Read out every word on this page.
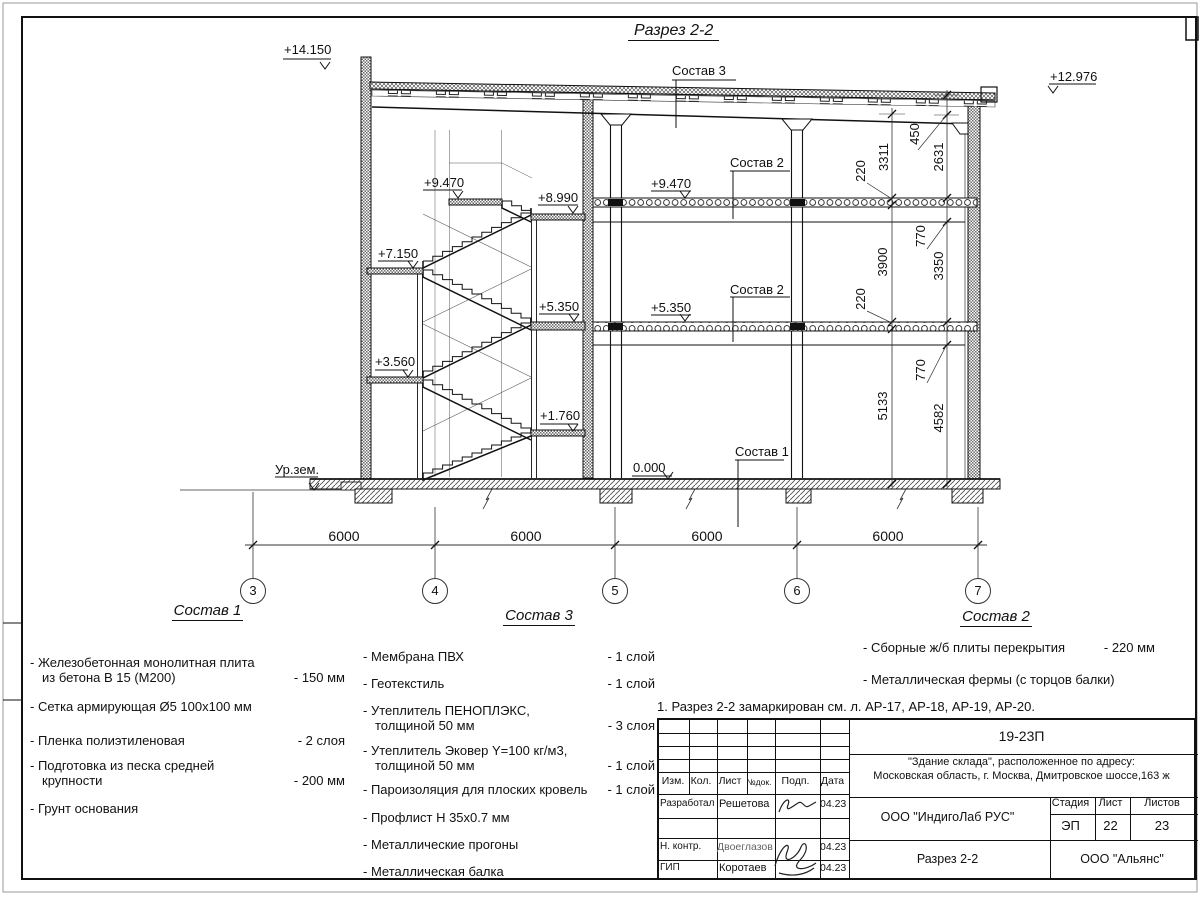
Разрез 2-2
+14.150
+12.976
+9.470
+8.990
+7.150
+5.350
+3.560
+1.760
+9.470
+5.350
0.000
Ур.зем.
Состав 3
Состав 2
Состав 2
Состав 1
3311
220
3900
220
5133
450
2631
770
3350
770
4582
6000	6000	6000	6000
3	4	5	6	7
Состав 1
- Железобетонная монолитная плита
из бетона В 15 (М200)	- 150 мм
- Сетка армирующая Ø5 100x100 мм
- Пленка полиэтиленовая	- 2 слоя
- Подготовка из песка средней
крупности	- 200 мм
- Грунт основания
Состав 3
- Мембрана ПВХ	- 1 слой
- Геотекстиль	- 1 слой
- Утеплитель ПЕНОПЛЭКС,
толщиной 50 мм	- 3 слоя
- Утеплитель Эковер Y=100 кг/м3,
толщиной 50 мм	- 1 слой
- Пароизоляция для плоских кровель	- 1 слой
- Профлист Н 35x0.7 мм
- Металлические прогоны
- Металлическая балка
Состав 2
- Сборные ж/б плиты перекрытия	- 220 мм
- Металлическая фермы (с торцов балки)
1. Разрез 2-2 замаркирован см. л. АР-17, АР-18, АР-19, АР-20.
Изм. Кол. Лист №док. Подп.	Дата
Разработал Решетова	04.23
Н. контр. Двоеглазов	04.23
ГИП	Коротаев	04.23
19-23П
"Здание склада", расположенное по адресу:
Московская область, г. Москва, Дмитровское шоссе,163 ж
ООО "ИндигоЛаб РУС"
Разрез 2-2	ООО "Альянс"
Стадия Лист	Листов
ЭП	22	23
